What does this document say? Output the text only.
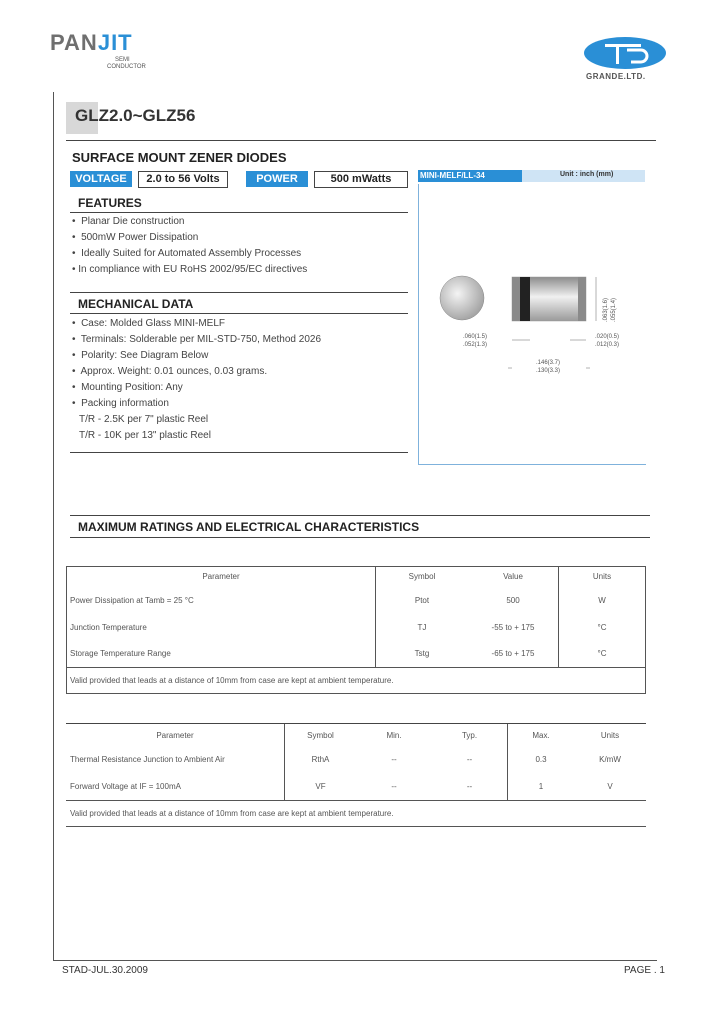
PANJIT
SEMI
CONDUCTOR
GRANDE.LTD.
GLZ2.0~GLZ56
SURFACE MOUNT ZENER DIODES
VOLTAGE	2.0 to 56 Volts	POWER	500 mWatts
FEATURES
•  Planar Die construction
•  500mW Power Dissipation
•  Ideally Suited for Automated Assembly Processes
• In compliance with EU RoHS 2002/95/EC directives
MECHANICAL DATA
•  Case: Molded Glass MINI-MELF
•  Terminals: Solderable per MIL-STD-750, Method 2026
•  Polarity: See Diagram Below
•  Approx. Weight: 0.01 ounces, 0.03 grams.
•  Mounting Position: Any
•  Packing information
T/R - 2.5K per 7" plastic Reel
T/R - 10K per 13" plastic Reel
MINI-MELF/LL-34	Unit : inch (mm)
.060(1.5)
.052(1.3)
.020(0.5)
.012(0.3)
.146(3.7)
.130(3.3)
.063(1.6) .055(1.4)
MAXIMUM RATINGS AND ELECTRICAL CHARACTERISTICS
Parameter	Symbol	Value	Units
Power Dissipation at Tamb = 25 °C	Ptot	500	W
Junction Temperature	TJ	-55 to + 175	°C
Storage Temperature Range	Tstg	-65 to + 175	°C
Valid provided that leads at a distance of 10mm from case are kept at ambient temperature.			
Parameter	Symbol	Min.	Typ.	Max.	Units
Thermal Resistance Junction to Ambient Air	RthA	--	--	0.3	K/mW
Forward Voltage at IF = 100mA	VF	--	--	1	V
Valid provided that leads at a distance of 10mm from case are kept at ambient temperature.					
STAD-JUL.30.2009	PAGE . 1
